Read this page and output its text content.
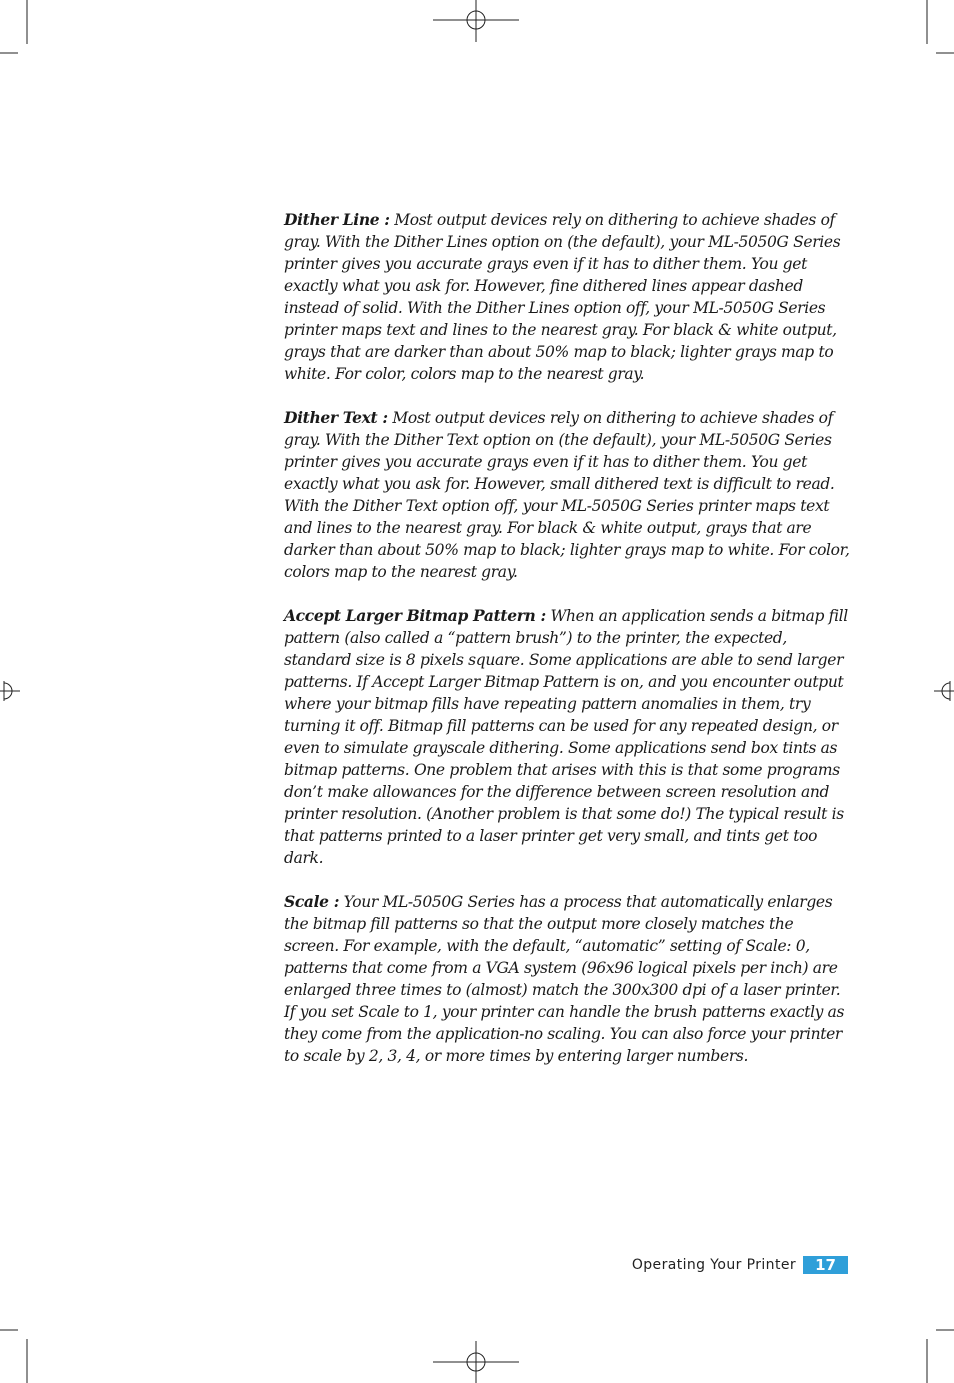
Dither Line : Most output devices rely on dithering to achieve shades of gray. With the Dither Lines option on (the default), your ML-5050G Series printer gives you accurate grays even if it has to dither them. You get exactly what you ask for. However, fine dithered lines appear dashed instead of solid. With the Dither Lines option off, your ML-5050G Series printer maps text and lines to the nearest gray. For black & white output, grays that are darker than about 50% map to black; lighter grays map to white. For color, colors map to the nearest gray.

Dither Text : Most output devices rely on dithering to achieve shades of gray. With the Dither Text option on (the default), your ML-5050G Series printer gives you accurate grays even if it has to dither them. You get exactly what you ask for. However, small dithered text is difficult to read. With the Dither Text option off, your ML-5050G Series printer maps text and lines to the nearest gray. For black & white output, grays that are darker than about 50% map to black; lighter grays map to white. For color, colors map to the nearest gray.

Accept Larger Bitmap Pattern : When an application sends a bitmap fill pattern (also called a “pattern brush”) to the printer, the expected, standard size is 8 pixels square. Some applications are able to send larger patterns. If Accept Larger Bitmap Pattern is on, and you encounter output where your bitmap fills have repeating pattern anomalies in them, try turning it off. Bitmap fill patterns can be used for any repeated design, or even to simulate grayscale dithering. Some applications send box tints as bitmap patterns. One problem that arises with this is that some programs don’t make allowances for the difference between screen resolution and printer resolution. (Another problem is that some do!) The typical result is that patterns printed to a laser printer get very small, and tints get too dark.

Scale : Your ML-5050G Series has a process that automatically enlarges the bitmap fill patterns so that the output more closely matches the screen. For example, with the default, “automatic” setting of Scale: 0, patterns that come from a VGA system (96x96 logical pixels per inch) are enlarged three times to (almost) match the 300x300 dpi of a laser printer. If you set Scale to 1, your printer can handle the brush patterns exactly as they come from the application-no scaling. You can also force your printer to scale by 2, 3, 4, or more times by entering larger numbers.

Operating Your Printer	17
